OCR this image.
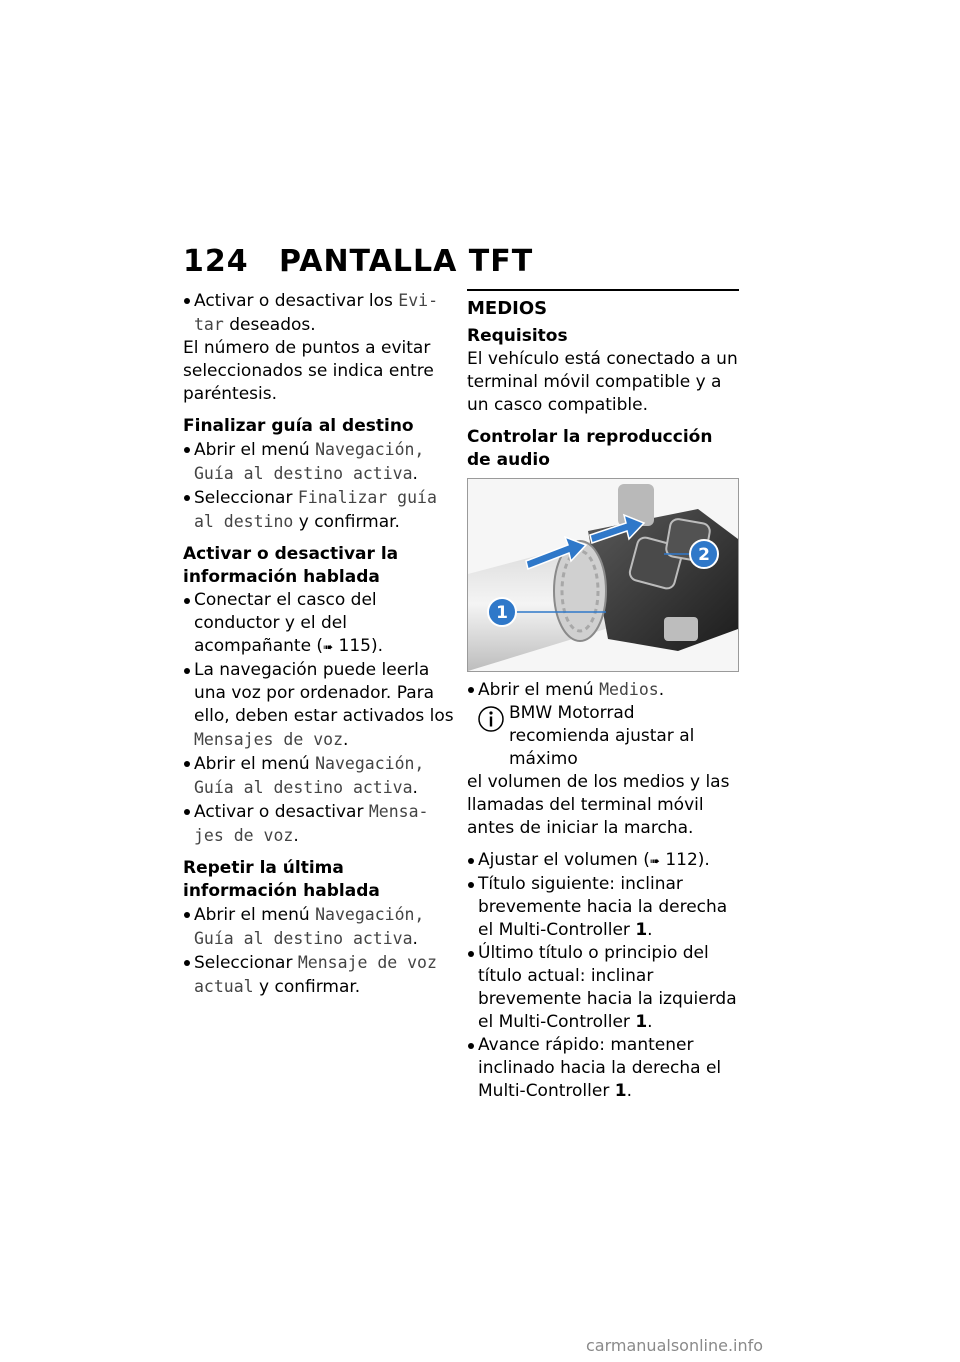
124 PANTALLA TFT

Activar o desactivar los Evi-tar deseados.

El número de puntos a evitar seleccionados se indica entre paréntesis.

Finalizar guía al destino

Abrir el menú Navegación, Guía al destino activa.

Seleccionar Finalizar guía al destino y confirmar.

Activar o desactivar la información hablada

Conectar el casco del conductor y el del acompañante (➠ 115).

La navegación puede leerla una voz por ordenador. Para ello, deben estar activados los Mensajes de voz.

Abrir el menú Navegación, Guía al destino activa.

Activar o desactivar Mensa-jes de voz.

Repetir la última información hablada

Abrir el menú Navegación, Guía al destino activa.

Seleccionar Mensaje de voz actual y confirmar.

MEDIOS

Requisitos

El vehículo está conectado a un terminal móvil compatible y a un casco compatible.

Controlar la reproducción de audio

1
2

Abrir el menú Medios.

BMW Motorrad recomienda ajustar al máximo

el volumen de los medios y las llamadas del terminal móvil antes de iniciar la marcha.

Ajustar el volumen (➠ 112).

Título siguiente: inclinar brevemente hacia la derecha el Multi-Controller 1.

Último título o principio del título actual: inclinar brevemente hacia la izquierda el Multi-Controller 1.

Avance rápido: mantener inclinado hacia la derecha el Multi-Controller 1.

carmanualsonline.info
